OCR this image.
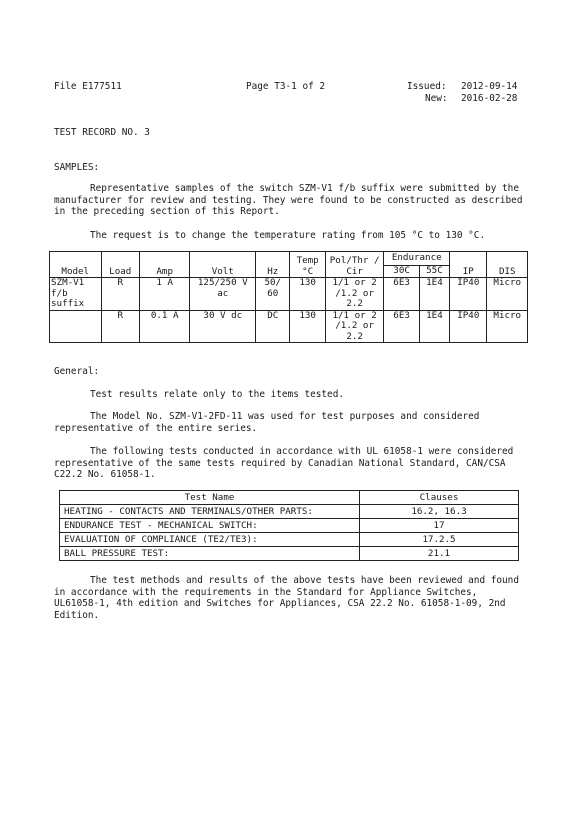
File E177511	Page T3-1 of 2	Issued: 2012-09-14
New: 2016-02-28
TEST RECORD NO. 3
SAMPLES:
Representative samples of the switch SZM-V1 f/b suffix were submitted by the manufacturer for review and testing. They were found to be constructed as described in the preceding section of this Report.
The request is to change the temperature rating from 105 °C to 130 °C.
Model	Load	Amp	Volt	Hz	Temp °C	Pol/Thr / Cir	Endurance		IP	DIS
							30C	55C		
SZM-V1 f/b suffix	R	1 A	125/250 V ac	50/ 60	130	1/1 or 2 /1.2 or 2.2	6E3	1E4	IP40	Micro
	R	0.1 A	30 V dc	DC	130	1/1 or 2 /1.2 or 2.2	6E3	1E4	IP40	Micro
General:
Test results relate only to the items tested.
The Model No. SZM-V1-2FD-11 was used for test purposes and considered representative of the entire series.
The following tests conducted in accordance with UL 61058-1 were considered representative of the same tests required by Canadian National Standard, CAN/CSA C22.2 No. 61058-1.
Test Name	Clauses
HEATING - CONTACTS AND TERMINALS/OTHER PARTS:	16.2, 16.3
ENDURANCE TEST - MECHANICAL SWITCH:	17
EVALUATION OF COMPLIANCE (TE2/TE3):	17.2.5
BALL PRESSURE TEST:	21.1
The test methods and results of the above tests have been reviewed and found in accordance with the requirements in the Standard for Appliance Switches, UL61058-1, 4th edition and Switches for Appliances, CSA 22.2 No. 61058-1-09, 2nd Edition.
